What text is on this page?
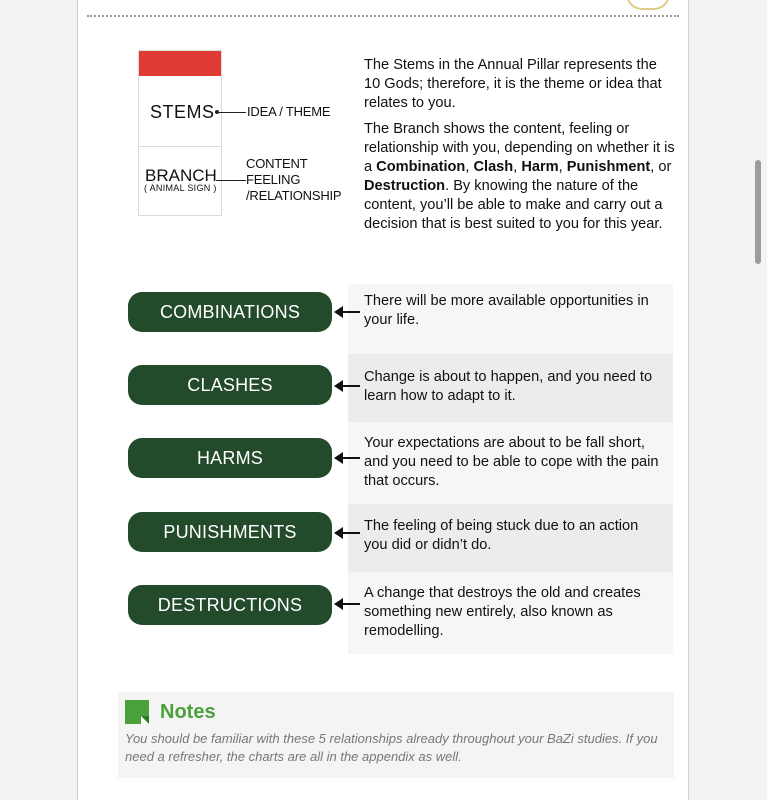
STEMS IDEA / THEME
BRANCH
( ANIMAL SIGN )
CONTENT
FEELING
/RELATIONSHIP

The Stems in the Annual Pillar represents the 10 Gods; therefore, it is the theme or idea that relates to you.

The Branch shows the content, feeling or relationship with you, depending on whether it is a Combination, Clash, Harm, Punishment, or Destruction. By knowing the nature of the content, you’ll be able to make and carry out a decision that is best suited to you for this year.

There will be more available opportunities in your life.
COMBINATIONS
Change is about to happen, and you need to learn how to adapt to it.
CLASHES
Your expectations are about to be fall short, and you need to be able to cope with the pain that occurs.
HARMS
The feeling of being stuck due to an action you did or didn’t do.
PUNISHMENTS
A change that destroys the old and creates something new entirely, also known as remodelling.
DESTRUCTIONS
Notes
You should be familiar with these 5 relationships already throughout your BaZi studies. If you need a refresher, the charts are all in the appendix as well.
